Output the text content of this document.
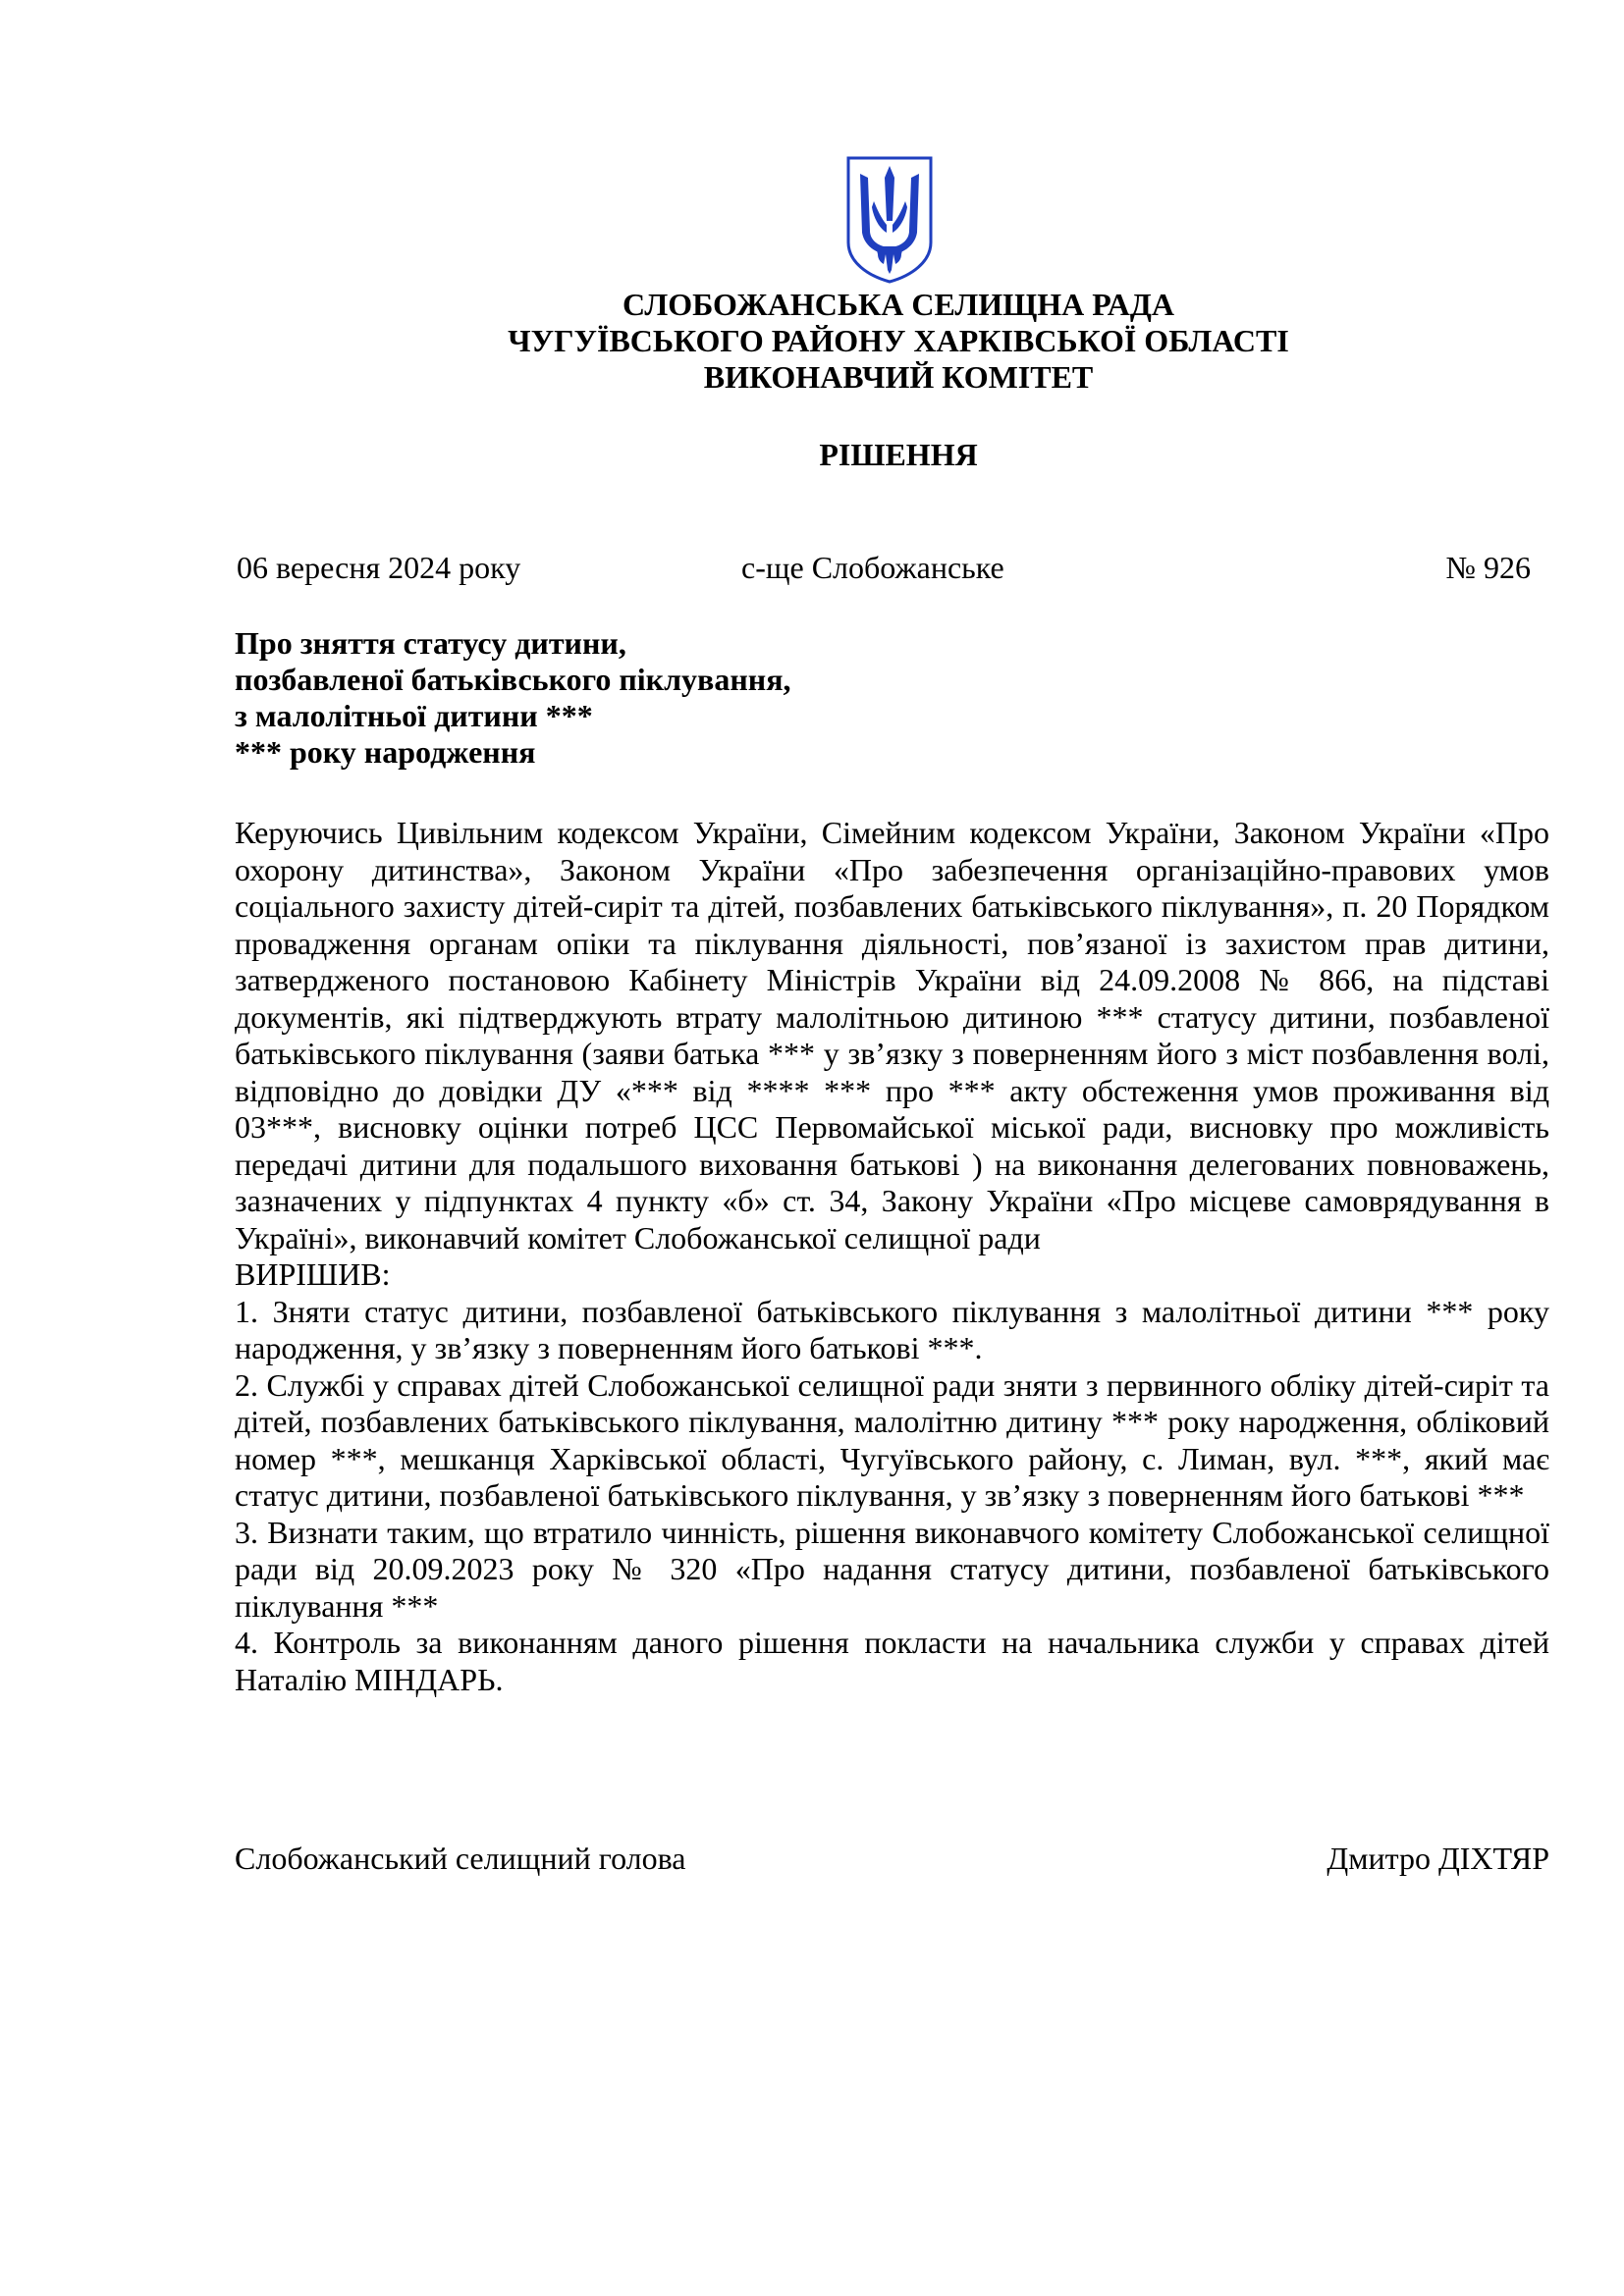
СЛОБОЖАНСЬКА СЕЛИЩНА РАДА
ЧУГУЇВСЬКОГО РАЙОНУ ХАРКІВСЬКОЇ ОБЛАСТІ
ВИКОНАВЧИЙ КОМІТЕТ
РІШЕННЯ
06 вересня 2024 року	с-ще Слобожанське	№ 926
Про зняття статусу дитини,
позбавленої батьківського піклування,
з малолітньої дитини ***
*** року народження

Керуючись Цивільним кодексом України, Сімейним кодексом України, Законом України «Про охорону дитинства», Законом України «Про забезпечення організаційно-правових умов соціального захисту дітей-сиріт та дітей, позбавлених батьківського піклування», п. 20 Порядком провадження органам опіки та піклування діяльності, пов’язаної із захистом прав дитини, затвердженого постановою Кабінету Міністрів України від 24.09.2008 № 866, на підставі документів, які підтверджують втрату малолітньою дитиною *** статусу дитини, позбавленої батьківського піклування (заяви батька *** у зв’язку з поверненням його з міст позбавлення волі, відповідно до довідки ДУ «*** від **** *** про *** акту обстеження умов проживання від 03***, висновку оцінки потреб ЦСС Первомайської міської ради, висновку про можливість передачі дитини для подальшого виховання батькові ) на виконання делегованих повноважень, зазначених у підпунктах 4 пункту «б» ст. 34, Закону України «Про місцеве самоврядування в Україні», виконавчий комітет Слобожанської селищної ради

ВИРІШИВ:

1. Зняти статус дитини, позбавленої батьківського піклування з малолітньої дитини *** року народження, у зв’язку з поверненням його батькові ***.

2. Службі у справах дітей Слобожанської селищної ради зняти з первинного обліку дітей-сиріт та дітей, позбавлених батьківського піклування, малолітню дитину *** року народження, обліковий номер ***, мешканця Харківської області, Чугуївського району, с. Лиман, вул. ***, який має статус дитини, позбавленої батьківського піклування, у зв’язку з поверненням його батькові ***

3. Визнати таким, що втратило чинність, рішення виконавчого комітету Слобожанської селищної ради від 20.09.2023 року № 320 «Про надання статусу дитини, позбавленої батьківського піклування ***

4. Контроль за виконанням даного рішення покласти на начальника служби у справах дітей Наталію МІНДАРЬ.

Слобожанський селищний голова	Дмитро ДІХТЯР
